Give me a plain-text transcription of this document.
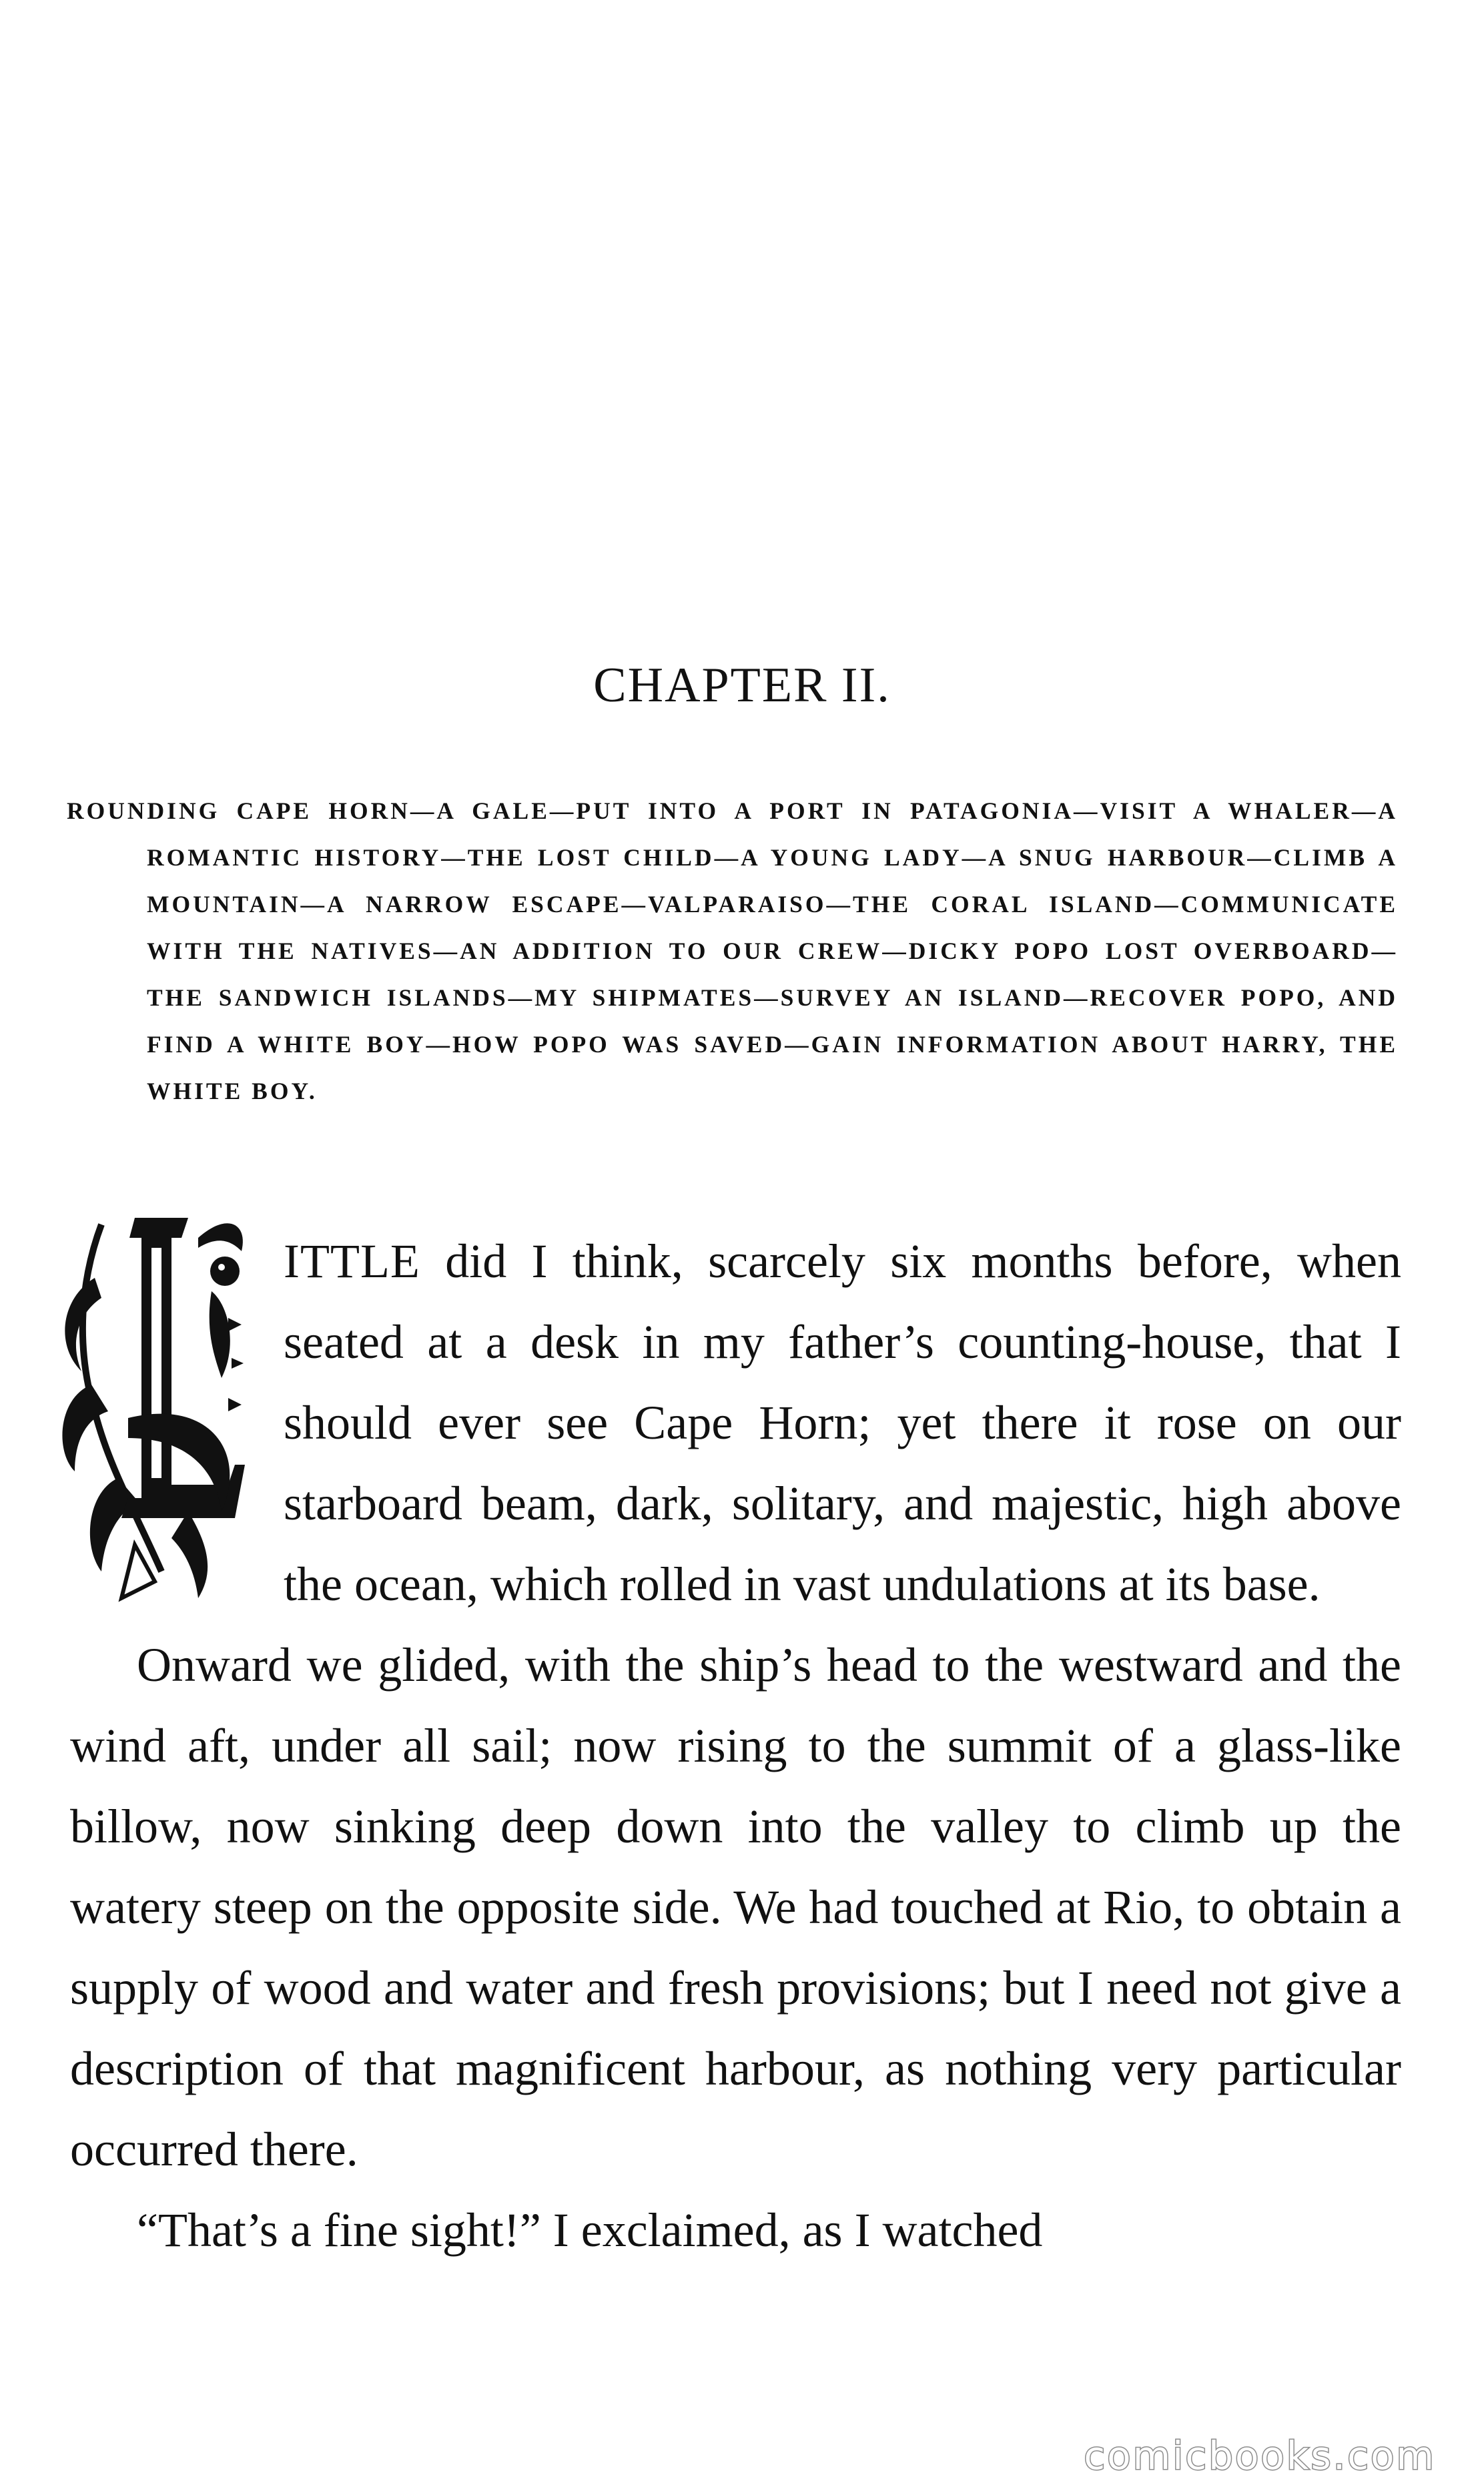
CHAPTER II.
ROUNDING CAPE HORN—A GALE—PUT INTO A PORT IN PATAGONIA—VISIT A WHALER—A ROMANTIC HISTORY—THE LOST CHILD—A YOUNG LADY—A SNUG HARBOUR—CLIMB A MOUNTAIN—A NARROW ESCAPE—VALPARAISO—THE CORAL ISLAND—COMMUNICATE WITH THE NATIVES—AN ADDITION TO OUR CREW—DICKY POPO LOST OVERBOARD—THE SANDWICH ISLANDS—MY SHIPMATES—SURVEY AN ISLAND—RECOVER POPO, AND FIND A WHITE BOY—HOW POPO WAS SAVED—GAIN INFORMATION ABOUT HARRY, THE WHITE BOY.

ITTLE did I think, scarcely six months before, when seated at a desk in my father’s counting-house, that I should ever see Cape Horn; yet there it rose on our starboard beam, dark, solitary, and majestic, high above the ocean, which rolled in vast undulations at its base.

Onward we glided, with the ship’s head to the westward and the wind aft, under all sail; now rising to the summit of a glass-like billow, now sinking deep down into the valley to climb up the watery steep on the opposite side. We had touched at Rio, to obtain a supply of wood and water and fresh provisions; but I need not give a description of that magnificent harbour, as nothing very particular occurred there.

“That’s a fine sight!” I exclaimed, as I watched

comicbooks.com
